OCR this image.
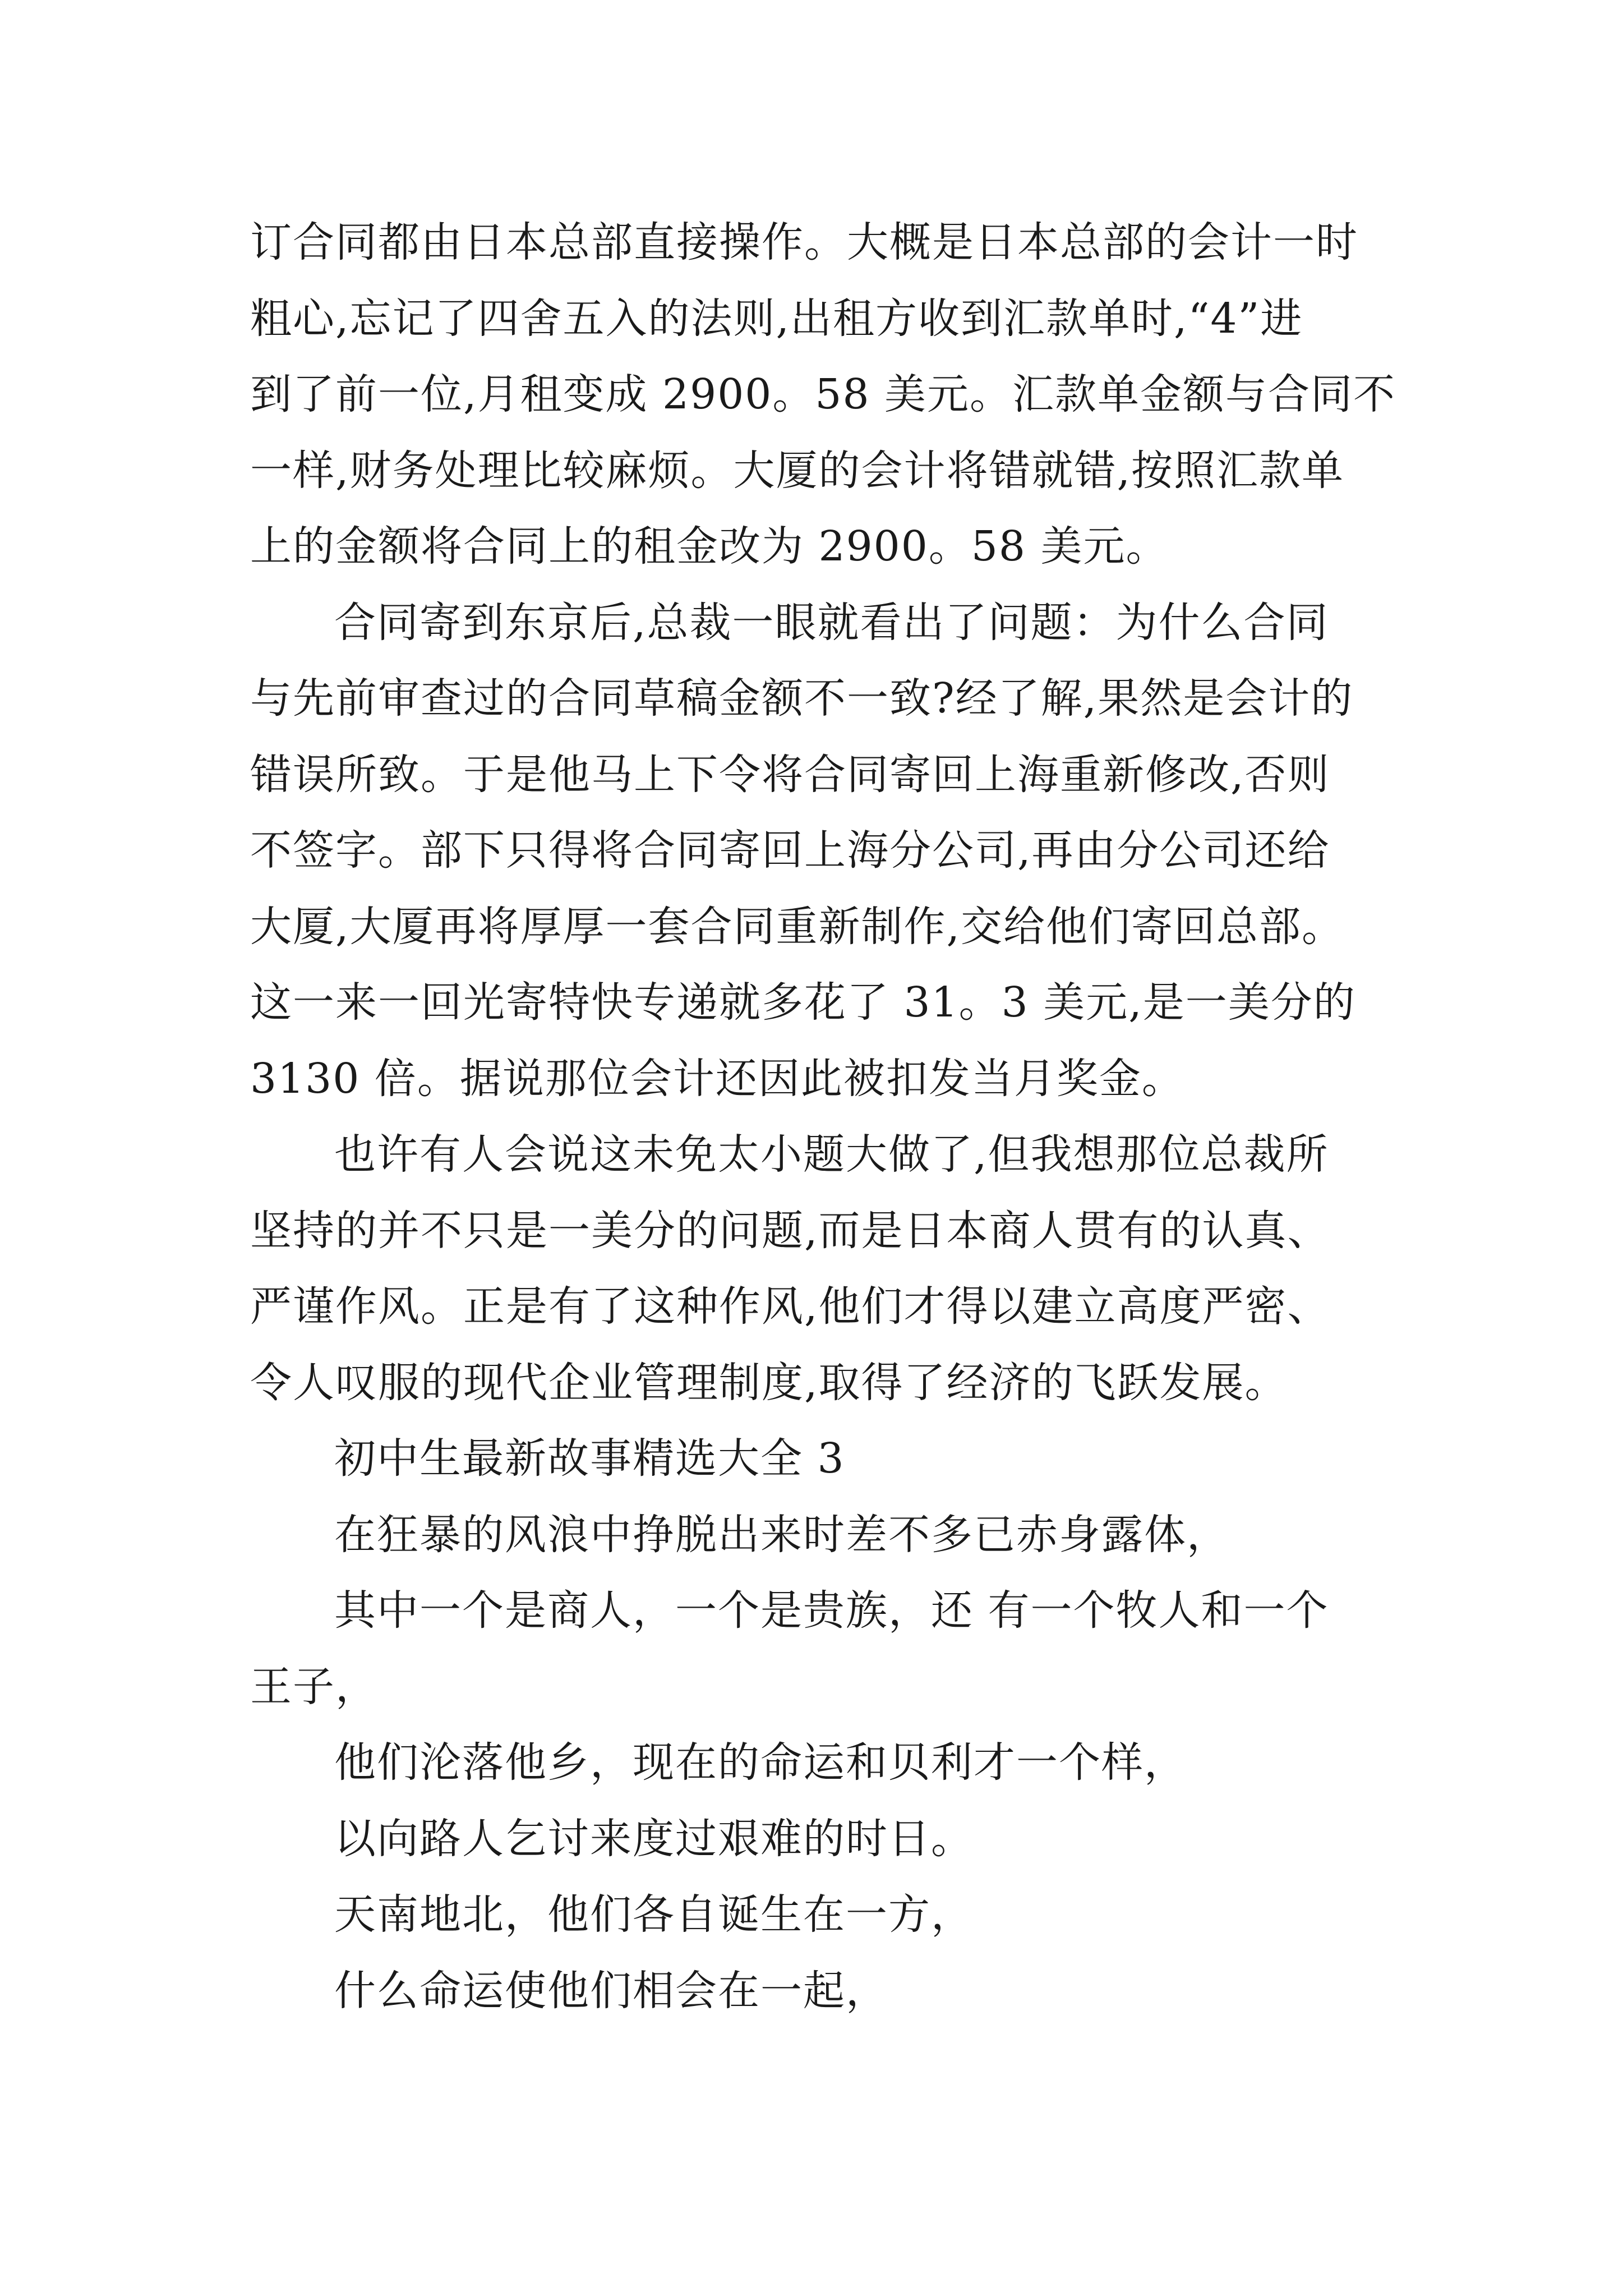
订合同都由日本总部直接操作。大概是日本总部的会计一时
粗心,忘记了四舍五入的法则,出租方收到汇款单时,“4”进
到了前一位,月租变成 2900。58 美元。汇款单金额与合同不
一样,财务处理比较麻烦。大厦的会计将错就错,按照汇款单
上的金额将合同上的租金改为 2900。58 美元。
合同寄到东京后,总裁一眼就看出了问题：为什么合同
与先前审查过的合同草稿金额不一致?经了解,果然是会计的
错误所致。于是他马上下令将合同寄回上海重新修改,否则
不签字。部下只得将合同寄回上海分公司,再由分公司还给
大厦,大厦再将厚厚一套合同重新制作,交给他们寄回总部。
这一来一回光寄特快专递就多花了 31。3 美元,是一美分的
3130 倍。据说那位会计还因此被扣发当月奖金。
也许有人会说这未免太小题大做了,但我想那位总裁所
坚持的并不只是一美分的问题,而是日本商人贯有的认真、
严谨作风。正是有了这种作风,他们才得以建立高度严密、
令人叹服的现代企业管理制度,取得了经济的飞跃发展。
初中生最新故事精选大全 3
在狂暴的风浪中挣脱出来时差不多已赤身露体，
其中一个是商人，一个是贵族，还 有一个牧人和一个
王子，
他们沦落他乡，现在的命运和贝利才一个样，
以向路人乞讨来度过艰难的时日。
天南地北，他们各自诞生在一方，
什么命运使他们相会在一起，
